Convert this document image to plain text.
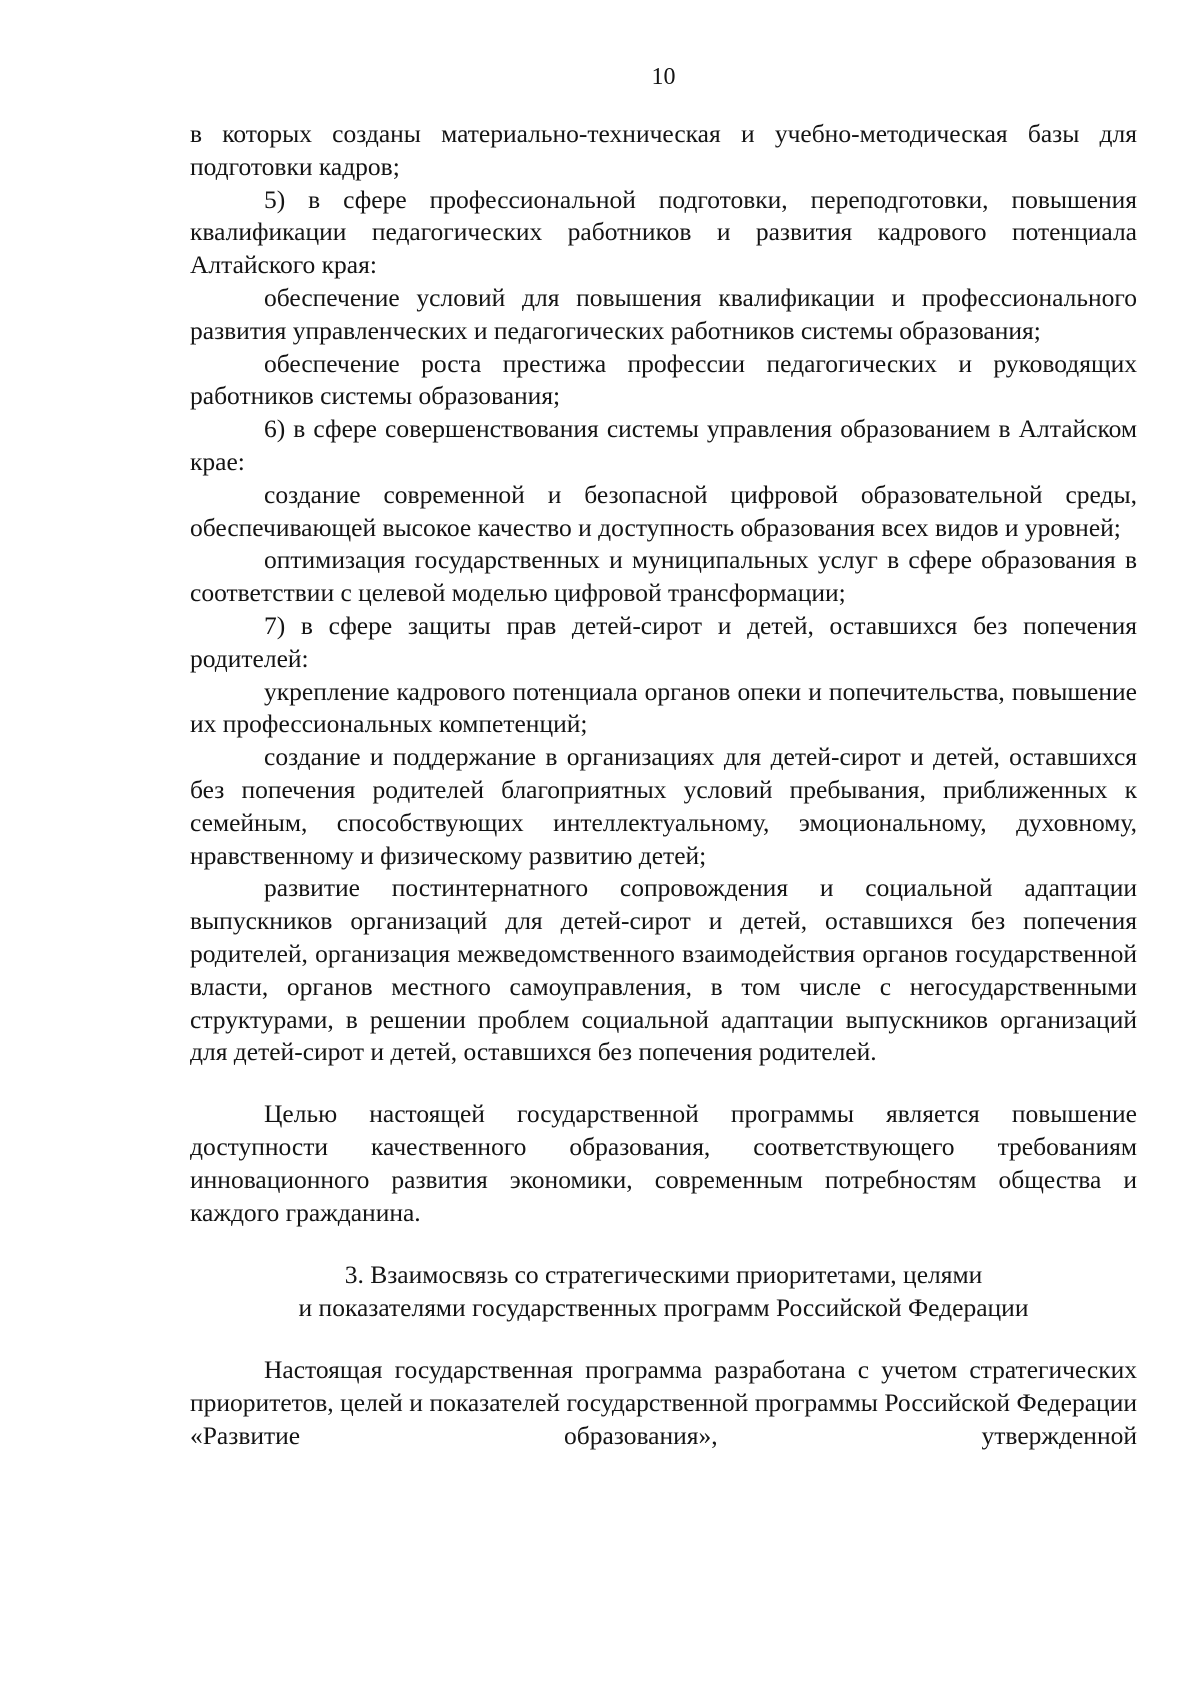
10

в которых созданы материально-техническая и учебно-методическая базы для подготовки кадров;

5) в сфере профессиональной подготовки, переподготовки, повышения квалификации педагогических работников и развития кадрового потенциала Алтайского края:

обеспечение условий для повышения квалификации и профессионального развития управленческих и педагогических работников системы образования;

обеспечение роста престижа профессии педагогических и руководящих работников системы образования;

6) в сфере совершенствования системы управления образованием в Алтайском крае:

создание современной и безопасной цифровой образовательной среды, обеспечивающей высокое качество и доступность образования всех видов и уровней;

оптимизация государственных и муниципальных услуг в сфере образования в соответствии с целевой моделью цифровой трансформации;

7) в сфере защиты прав детей-сирот и детей, оставшихся без попечения родителей:

укрепление кадрового потенциала органов опеки и попечительства, повышение их профессиональных компетенций;

создание и поддержание в организациях для детей-сирот и детей, оставшихся без попечения родителей благоприятных условий пребывания, приближенных к семейным, способствующих интеллектуальному, эмоциональному, духовному, нравственному и физическому развитию детей;

развитие постинтернатного сопровождения и социальной адаптации выпускников организаций для детей-сирот и детей, оставшихся без попечения родителей, организация межведомственного взаимодействия органов государственной власти, органов местного самоуправления, в том числе с негосударственными структурами, в решении проблем социальной адаптации выпускников организаций для детей-сирот и детей, оставшихся без попечения родителей.

Целью настоящей государственной программы является повышение доступности качественного образования, соответствующего требованиям инновационного развития экономики, современным потребностям общества и каждого гражданина.

3. Взаимосвязь со стратегическими приоритетами, целями
и показателями государственных программ Российской Федерации

Настоящая государственная программа разработана с учетом стратегических приоритетов, целей и показателей государственной программы Российской Федерации «Развитие образования», утвержденной
